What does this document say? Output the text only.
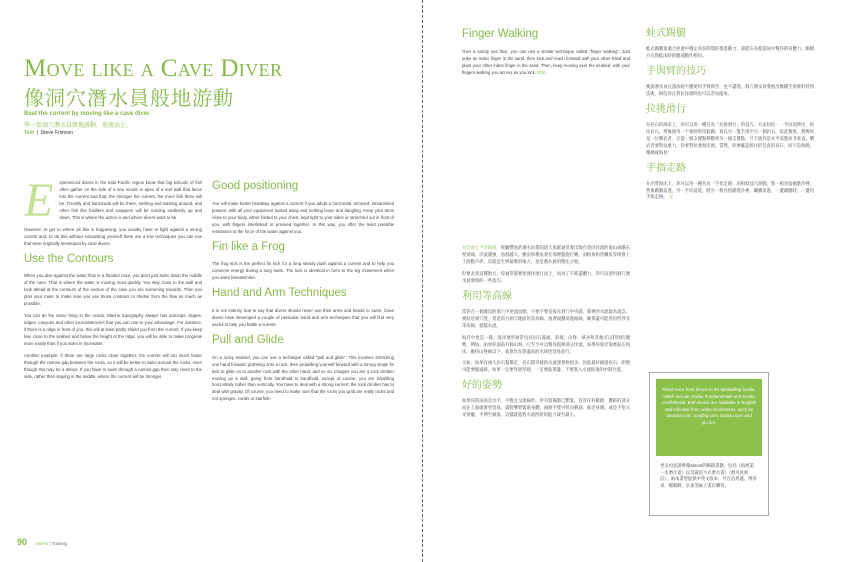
Move like a Cave Diver
像洞穴潛水員般地游動
Beat the current by moving like a cave diver.
學一套洞穴潛水員般地游動，迎流而上。
Text  |  Steve Frimson

E xperienced divers in the Indo-Pacific region know that big schools of fish often gather on the side of a sea mount or apex of a reef wall that faces into the current and that, the stronger the current, the more fish there will be. Trevally and barracuda will be there, swirling and twisting around, and other fish like fusiliers and snappers will be running endlessly up and down. This is where the action is and where divers want to be.

However, to get to where all this is happening, you usually have to fight against a strong current and, to do this without exhausting yourself there are a few techniques you can use that were originally developed by cave divers.

Use the Contours

When you dive against the water flow in a flooded cave, you don't just swim down the middle of the cave. That is where the water is moving most quickly. You stay close to the wall and look ahead at the contours of the section of the cave you are swimming towards. Then you plan your route to make sure you use those contours to shelter from the flow as much as possible.

You can do the same thing in the ocean. Marine topography always has outcrops, slopes, ridges, canyons and other inconsistencies that you can use to your advantage. For instance, if there is a ridge in front of you, this will at least partly shield you from the current. If you keep low, close to the seabed and below the height of the ridge, you will be able to make progress more easily than if you swim in mid-water.

Another example: if there are large rocks close together, the current will run much faster through the narrow gap between the rocks, so it will be better to swim around the rocks, even though this may be a detour. If you have to swim through a narrow gap then stay close to the side, rather than staying in the middle, where the current will be stronger.

Good positioning

You will make better headway against a current if you adopt a horizontal, trimmed, streamlined posture, with all your equipment tucked away and nothing loose and dangling. Keep your arms close to your body, either folded to your chest, kept tight to your sides or stretched out in front of you, with fingers interlinked or pressed together. In this way, you offer the least possible resistance to the force of the water against you.

Fin like a Frog

The frog kick is the perfect fin kick for a long steady push against a current and to help you conserve energy during a long swim. The kick is identical in form to the leg movement when you swim breaststroke.

Hand and Arm Techniques

It is not entirely true to say that divers should never use their arms and hands to swim. Cave divers have developed a couple of particular hand and arm techniques that you will find very useful to help you battle a current.

Pull and Glide

On a rocky seabed, you can use a technique called "pull and glide". This involves stretching one hand forward, grabbing onto a rock, then propelling yourself forward with a strong single fin kick to glide on to another rock with the other hand, and so on. Imagine you are a rock climber moving up a wall, going from handhold to handhold, except of course, you are travelling horizontally rather than vertically. You have to deal with a strong current; the rock climber has to deal with gravity. Of course, you need to make sure that the rocks you grab are really rocks and not sponges, corals or starfish!

90 ASIAN | Training
Finger Walking

Over a sandy sea floor, you can use a similar technique called "finger walking". Just poke an index finger in the sand, then kick and reach forward with your other hand and plant your other index finger in the sand. Then, keep moving over the seabed, with your fingers walking you across as you kick. END

在印度太平洋區域，經驗豐富的潛水員都知道大魚群通常會出現在迎向洋流的海山或礁石壁頂端，洋流越強，魚群越大。鰺魚和梭魚會在那裡盤旋打轉，而梅魚和笛鯛魚等則會上下游動不停。這就是生物最聚的地方，也是潛水員的嚮往之地。

但要去到這種地方，你通常都要逆強洋流行而上，而為了不耗盡體力，你可以使用洞穴潛水員發明的一些技巧。

利用等高線

當你在一個淹沒的洞穴中逆流而動，不要不要直接在洞穴中央游。那裡的水流最為湍急。要貼近洞穴壁，留意前方洞穴地區的等高線。接著規劃前進路線，確保盡可能善用所涉及等高線，抵擋水流。

海洋中也是一樣。海洋地形通常包括岩石露頭、斜坡、山脊、峽谷和其他可以利用的優勢。例如，如果你面前有條山脊，它至少可以幫你擋掉部分洋流。如果你靠近海底貼在海床，維持山脊線以下，就會比在游溫高的水域更容易前行。

又如，如果有兩大岩石緊鄰近，岩石間窄縫的水流速會快很多，因此最好繞過岩石，即便可能要繞遠路。如果一定要穿過窄縫，一定要貼著邊，不要進入水流較強的中間位置。

好的姿勢

如果你的泳姿是水平、平衡且呈流線形，所有裝備都已繫緊，沒有任何鬆散、懸掛的部分而在上面就會更容易。盡將雙臂緊貼身體，兩條手臂可折向胸前、貼近身側，或是手指交叉併攏、平伸至頭前。這樣就能將水流所給的阻力減至最小。

蛙式踢腿

蛙式踢腿最適合逆流中穩定而長時間的推進動力，還能在長程游泳中幫你節省體力。踢腿方式與蛙泳時的腿部動作相同。

手與臂的技巧

要說潛水員在游泳絕不應使用手臂與手，也不盡然。洞穴潛水員發展出幾種手與臂的特別技術，相信你在對抗洋流時也可以善加運用。

拉挑滑行

在岩石的海床上，你可以用一種名為「拉挑滑行」的技巧。方法包括：一手向前伸出，抓住岩石，然後使用一下強勁單次蛙踢，再以另一隻手滑至另一個岩石，依此類推。想像你是一位攀岩者，正從一個支撐點移動到另一個支撐點，只不過你是水平前進而非垂直。攀岩者要對抗重力，你要對抗強勁洋流。當然，你要確認抓住的是真的岩石，而不是海綿、珊瑚或海星！

手指走路

在沙質海床上，你可以用一種名為「手指走路」的相似技巧游動。將一根食指插進沙裡，然後踢腿前進，另一手向前延，將另一根食指插進沙裡。繼續前進，一邊踢腿時，一邊用手指走路。 完

Read more from Simon in his bestselling books, which include Scuba Fundamentals and Scuba Confidential. Both books are available in English and Chinese from online bookstores, such as amazon.com, tongbig.com, taobao.com and jd.com.
更多內容請參閱Simon的暢銷書籍，包括《海底第一本潛水書》以及露因力式潛水書》《潛水員密信》，兩本書皆提供中英文版本，可在亞馬遜、博客來、噹噹網、京東等線上書店購買。
